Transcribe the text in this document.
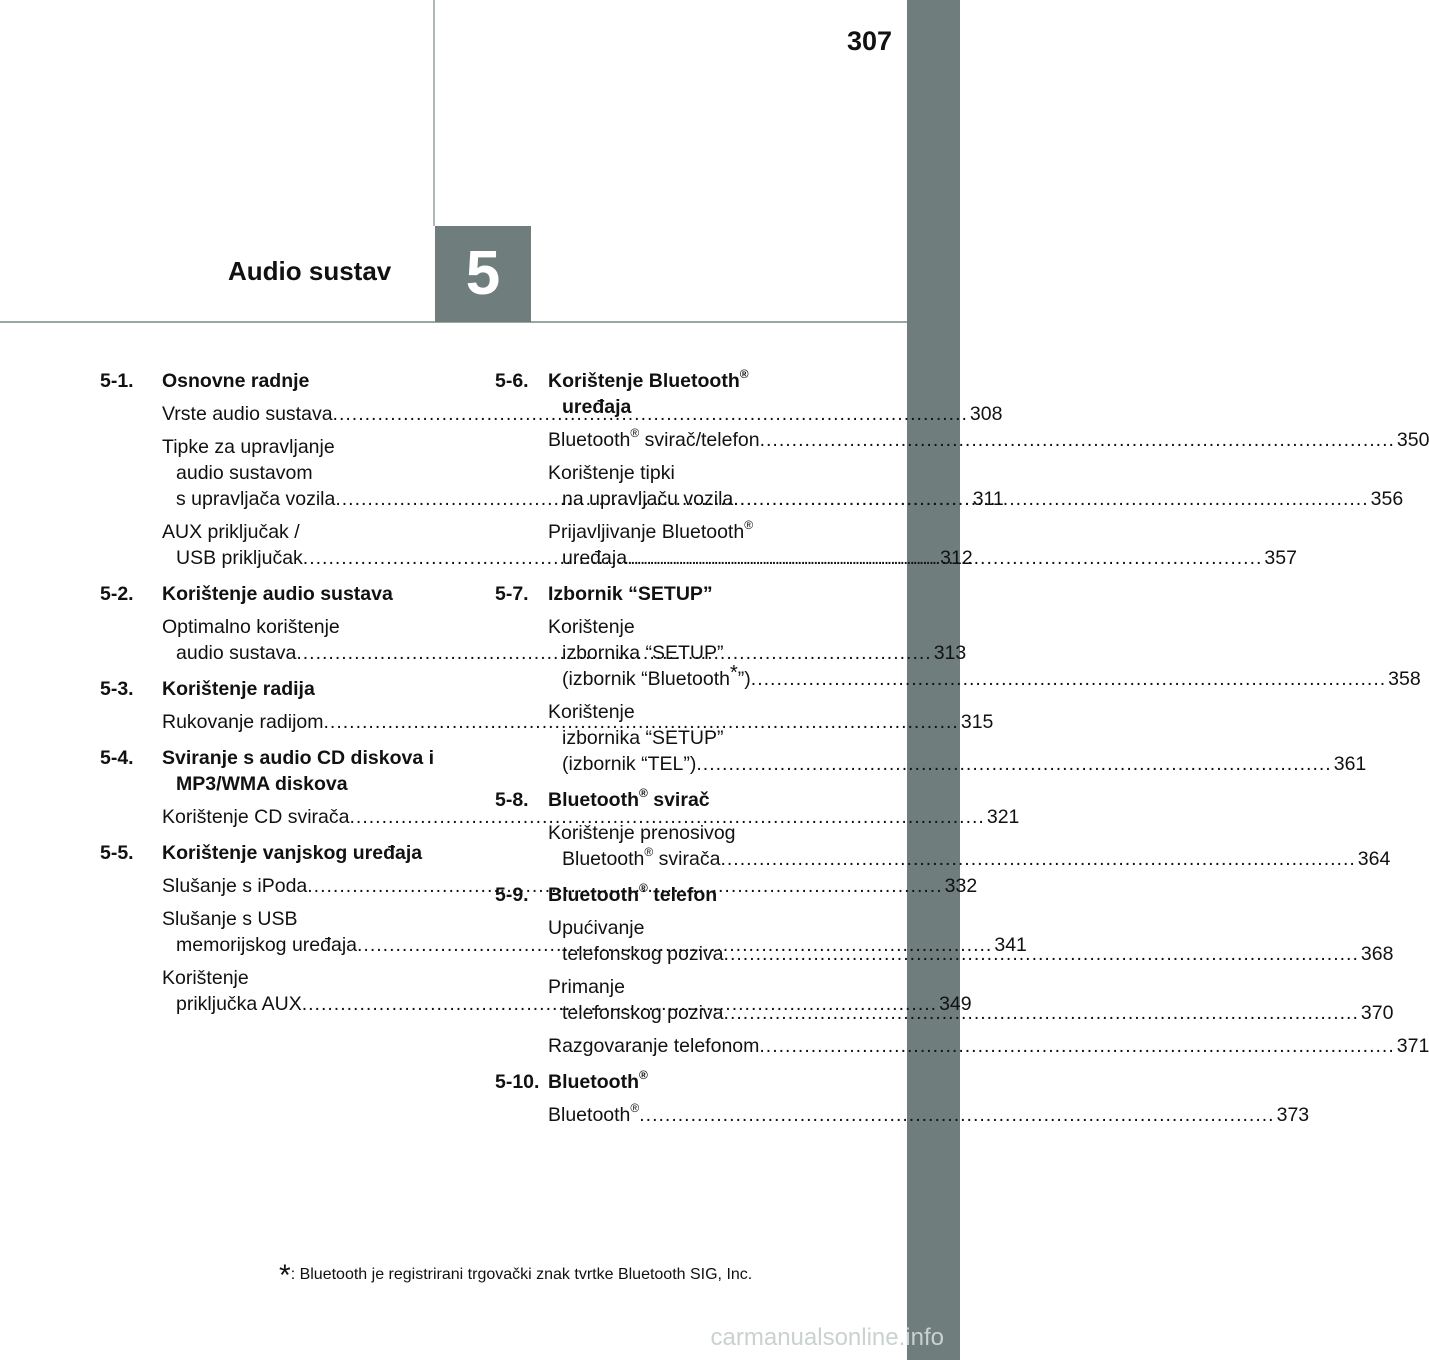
307
Audio sustav	5
5-1.	Osnovne radnje
Vrste audio sustava .....	308
Tipke za upravljanje
audio sustavom
s upravljača vozila .....	311
AUX priključak /
USB priključak .....	312
5-2.	Korištenje audio sustava
Optimalno korištenje
audio sustava .....	313
5-3.	Korištenje radija
Rukovanje radijom .....	315
5-4.	Sviranje s audio CD diskova i
MP3/WMA diskova
Korištenje CD svirača .....	321
5-5.	Korištenje vanjskog uređaja
Slušanje s iPoda .....	332
Slušanje s USB
memorijskog uređaja .....	341
Korištenje
priključka AUX .....	349
5-6. Korištenje Bluetooth®
uređaja
Bluetooth® svirač/telefon .....	350
Korištenje tipki
na upravljaču vozila .....	356
Prijavljivanje Bluetooth®
uređaja .....	357
5-7. Izbornik “SETUP”
Korištenje
izbornika “SETUP”
(izbornik “Bluetooth*”) .....	358
Korištenje
izbornika “SETUP”
(izbornik “TEL”) .....	361
5-8. Bluetooth® svirač
Korištenje prenosivog
Bluetooth® svirača .....	364
5-9. Bluetooth® telefon
Upućivanje
telefonskog poziva .....	368
Primanje
telefonskog poziva .....	370
Razgovaranje telefonom .....	371
5-10. Bluetooth®
Bluetooth® .....	373
*: Bluetooth je registrirani trgovački znak tvrtke Bluetooth SIG, Inc.
carmanualsonline.info
